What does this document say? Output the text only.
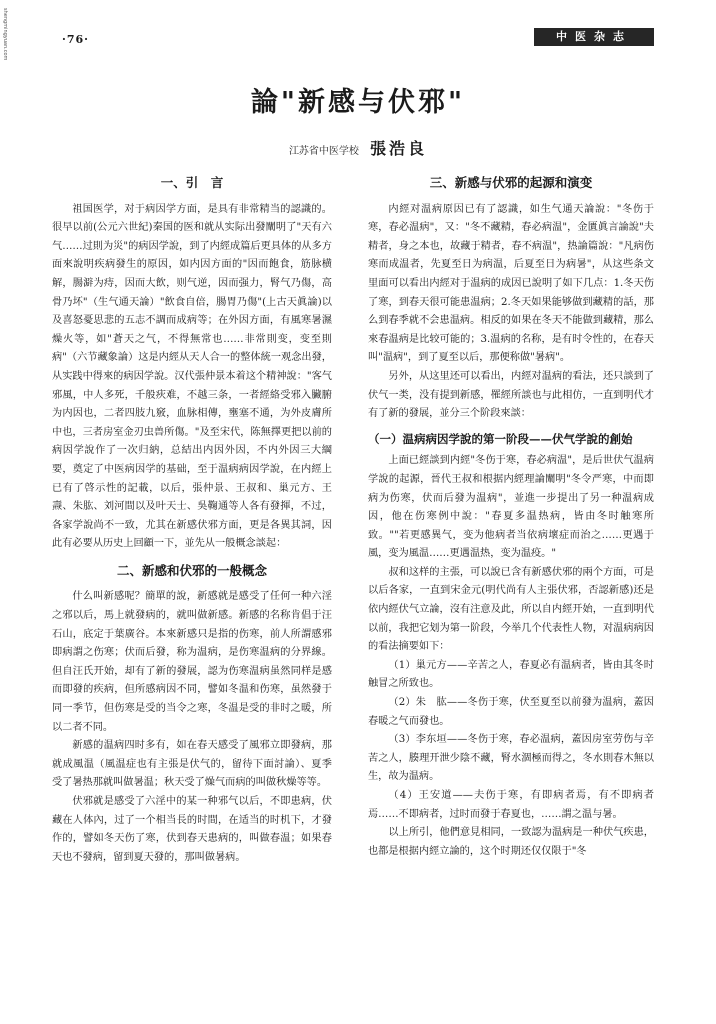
shengmingyuan.com	·76·	中医杂志
論"新感与伏邪"
江苏省中医学校 張浩良
一、引　言

祖国医学，对于病因学方面，是具有非常精当的認識的。很早以前(公元六世紀)秦国的医和就从实际出發闡明了"天有六气……过則为災"的病因学說，到了内經成篇后更具体的从多方面來說明疾病發生的原因，如内因方面的"因而飽食，筋脉横解，腸澼为痔，因而大飲，则气逆，因而强力，腎气乃傷，高骨乃坏"（生气通天論）"飲食自倍，腸胃乃傷"(上古天眞論)以及喜怒憂思悲的五志不調而成病等；在外因方面，有風寒暑濕燥火等，如"蒼天之气，不得無常也……非常則变，变至則病"（六节藏象論）这是内經从天人合一的整体統一观念出發，从实践中得來的病因学說。汉代張仲景本着这个精神說："客气邪風，中人多死，千般疢难，不越三条，一者經絡受邪入臟腑为内因也，二者四肢九竅，血脉相傳，壅塞不通，为外皮膚所中也，三者房室金刃虫兽所傷。"及至宋代，陈無擇更把以前的病因学說作了一次归納，总結出内因外因，不内外因三大綱要，奠定了中医病因学的基础，至于温病病因学說，在内經上已有了啓示性的記載，以后，張仲景、王叔和、巢元方、王燾、朱肱、刘河間以及叶天士、吳鞠通等人各有發揮，不过，各家学說尚不一致，尤其在新感伏邪方面，更是各異其詞，因此有必要从历史上回顧一下，並先从一般概念談起：

二、新感和伏邪的一般概念

什么叫新感呢？簡單的說，新感就是感受了任何一种六淫之邪以后，馬上就發病的，就叫做新感。新感的名称肯倡于汪石山，底定于葉廣谷。本來新感只是指的伤寒，前人所謂感邪即病謂之伤寒；伏而后發，称为温病，是伤寒温病的分界線。但自汪氏开始，却有了新的發展，認为伤寒温病虽然同样是感而即發的疾病，但所感病因不同，譬如冬温和伤寒，虽然發于同一季节，但伤寒是受的当令之寒，冬温是受的非时之暖，所以二者不同。

新感的温病四时多有，如在春天感受了風邪立即發病，那就成風温（風温症也有主張是伏气的，留待下面討論）、夏季受了暑热那就叫做暑温；秋天受了燥气而病的叫做秋燥等等。

伏邪就是感受了六淫中的某一种邪气以后，不即患病，伏藏在人体內，过了一个相当長的时間，在适当的时机下，才發作的，譬如冬天伤了寒，伏到春天患病的，叫做春温；如果春天也不發病，留到夏天發的，那叫做暑病。

三、新感与伏邪的起源和演变

内經对温病原因已有了認識，如生气通天論說："冬伤于寒，春必温病"，又："冬不藏精，春必病温"，金匱眞言論說"夫精者，身之本也，故藏于精者，春不病温"，热論篇說："凡病伤寒而成温者，先夏至日为病温，后夏至日为病暑"，从这些条文里面可以看出内經对于温病的成因已說明了如下几点：1.冬天伤了寒，到春天很可能患温病；2.冬天如果能够做到藏精的話，那么到春季就不会患温病。相反的如果在冬天不能做到藏精，那么來春温病是比较可能的；3.温病的名称，是有时令性的，在春天叫"温病"，到了夏至以后，那便称做"暑病"。

另外，从这里还可以看出，内經对温病的看法，还只談到了伏气一类，没有提到新感，罹經所談也与此相仿，一直到明代才有了新的發展，並分三个阶段來談：

（一）温病病因学說的第一阶段——伏气学說的創始

上面已經談到内經"冬伤于寒，春必病温"，是后世伏气温病学說的起源，晉代王叔和根据内經理論闡明"冬令严寒，中而即病为伤寒，伏而后發为温病"，並進一步提出了另一种温病成因，他在伤寒例中說："春夏多温热病，皆由冬时触寒所致。""若更感異气，变为他病者当依病壞症而治之……更遇于風，变为風温……更遇温热，变为温疫。"

叔和这样的主張，可以說已含有新感伏邪的兩个方面，可是以后各家，一直到宋金元(明代尚有人主張伏邪，否認新感)还是依内經伏气立論，沒有注意及此，所以自内經开始，一直到明代以前，我把它划为第一阶段，今举几个代表性人物，对温病病因的看法摘要如下：

（1）巢元方——辛苦之人，春夏必有温病者，皆由其冬时触冒之所致也。

（2）朱　肱——冬伤于寒，伏至夏至以前發为温病，蓋因春暖之气而發也。

（3）李东垣——冬伤于寒，春必温病，蓋因房室劳伤与辛苦之人，腠理开泄少陰不藏，腎水涸極而得之，冬水則春木無以生，故为温病。

（4）王安道——夫伤于寒，有即病者焉，有不即病者焉……不即病者，过时而發于春夏也，……謂之温与暑。

以上所引，他們意見相同，一致認为温病是一种伏气疾患，也都是根据内經立論的，这个时期还仅仅限于"冬
